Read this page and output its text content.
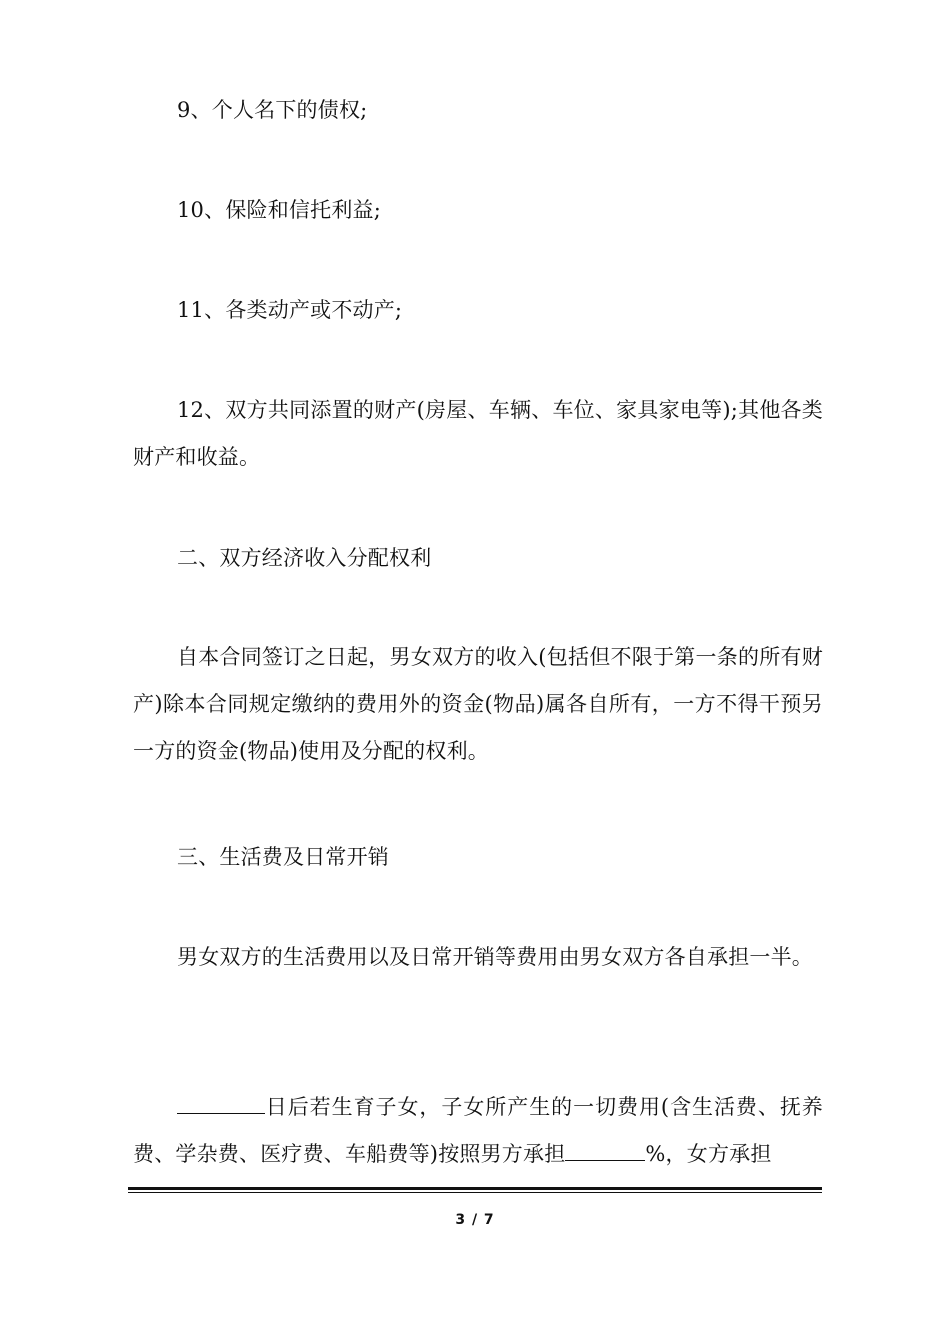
9、个人名下的债权;
10、保险和信托利益;
11、各类动产或不动产;
12、双方共同添置的财产(房屋、车辆、车位、家具家电等);其他各类财产和收益。
二、双方经济收入分配权利
自本合同签订之日起，男女双方的收入(包括但不限于第一条的所有财产)除本合同规定缴纳的费用外的资金(物品)属各自所有，一方不得干预另一方的资金(物品)使用及分配的权利。
三、生活费及日常开销
男女双方的生活费用以及日常开销等费用由男女双方各自承担一半。
日后若生育子女，子女所产生的一切费用(含生活费、抚养费、学杂费、医疗费、车船费等)按照男方承担	%，女方承担
3 / 7
